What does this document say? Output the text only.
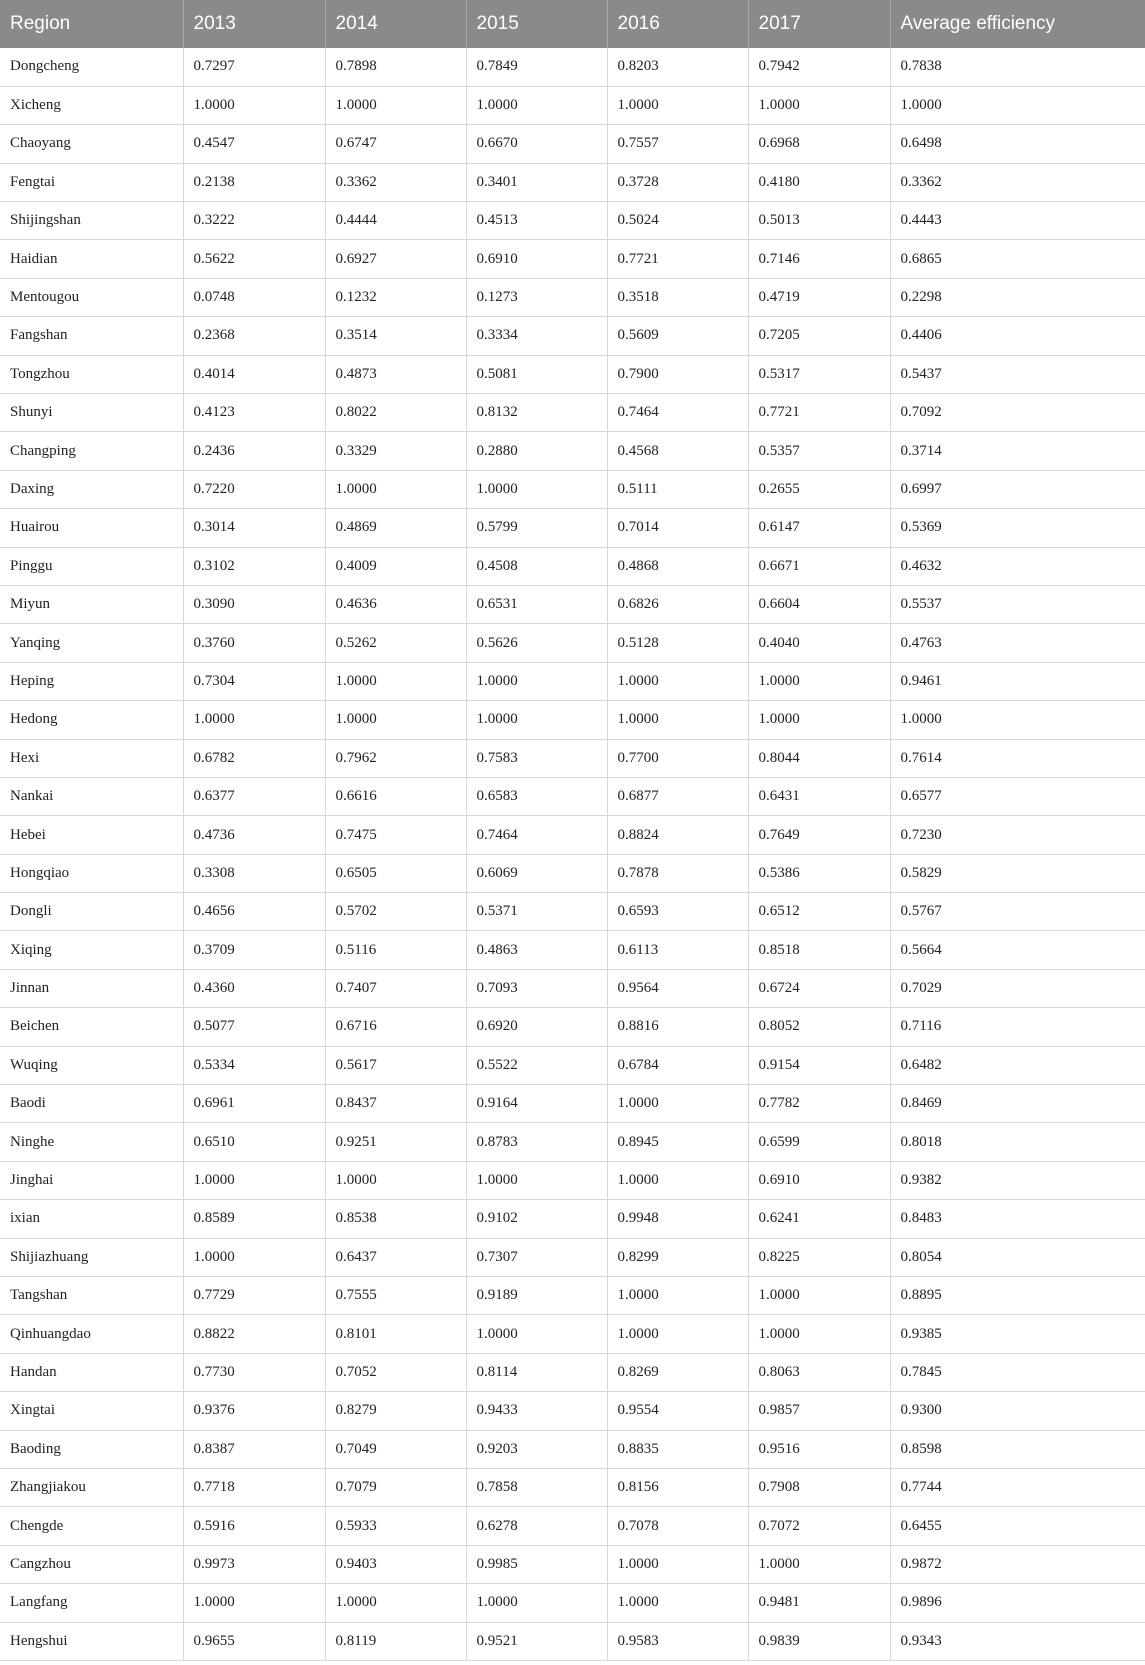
Region	2013	2014	2015	2016	2017	Average efficiency
Dongcheng	0.7297	0.7898	0.7849	0.8203	0.7942	0.7838
Xicheng	1.0000	1.0000	1.0000	1.0000	1.0000	1.0000
Chaoyang	0.4547	0.6747	0.6670	0.7557	0.6968	0.6498
Fengtai	0.2138	0.3362	0.3401	0.3728	0.4180	0.3362
Shijingshan	0.3222	0.4444	0.4513	0.5024	0.5013	0.4443
Haidian	0.5622	0.6927	0.6910	0.7721	0.7146	0.6865
Mentougou	0.0748	0.1232	0.1273	0.3518	0.4719	0.2298
Fangshan	0.2368	0.3514	0.3334	0.5609	0.7205	0.4406
Tongzhou	0.4014	0.4873	0.5081	0.7900	0.5317	0.5437
Shunyi	0.4123	0.8022	0.8132	0.7464	0.7721	0.7092
Changping	0.2436	0.3329	0.2880	0.4568	0.5357	0.3714
Daxing	0.7220	1.0000	1.0000	0.5111	0.2655	0.6997
Huairou	0.3014	0.4869	0.5799	0.7014	0.6147	0.5369
Pinggu	0.3102	0.4009	0.4508	0.4868	0.6671	0.4632
Miyun	0.3090	0.4636	0.6531	0.6826	0.6604	0.5537
Yanqing	0.3760	0.5262	0.5626	0.5128	0.4040	0.4763
Heping	0.7304	1.0000	1.0000	1.0000	1.0000	0.9461
Hedong	1.0000	1.0000	1.0000	1.0000	1.0000	1.0000
Hexi	0.6782	0.7962	0.7583	0.7700	0.8044	0.7614
Nankai	0.6377	0.6616	0.6583	0.6877	0.6431	0.6577
Hebei	0.4736	0.7475	0.7464	0.8824	0.7649	0.7230
Hongqiao	0.3308	0.6505	0.6069	0.7878	0.5386	0.5829
Dongli	0.4656	0.5702	0.5371	0.6593	0.6512	0.5767
Xiqing	0.3709	0.5116	0.4863	0.6113	0.8518	0.5664
Jinnan	0.4360	0.7407	0.7093	0.9564	0.6724	0.7029
Beichen	0.5077	0.6716	0.6920	0.8816	0.8052	0.7116
Wuqing	0.5334	0.5617	0.5522	0.6784	0.9154	0.6482
Baodi	0.6961	0.8437	0.9164	1.0000	0.7782	0.8469
Ninghe	0.6510	0.9251	0.8783	0.8945	0.6599	0.8018
Jinghai	1.0000	1.0000	1.0000	1.0000	0.6910	0.9382
ixian	0.8589	0.8538	0.9102	0.9948	0.6241	0.8483
Shijiazhuang	1.0000	0.6437	0.7307	0.8299	0.8225	0.8054
Tangshan	0.7729	0.7555	0.9189	1.0000	1.0000	0.8895
Qinhuangdao	0.8822	0.8101	1.0000	1.0000	1.0000	0.9385
Handan	0.7730	0.7052	0.8114	0.8269	0.8063	0.7845
Xingtai	0.9376	0.8279	0.9433	0.9554	0.9857	0.9300
Baoding	0.8387	0.7049	0.9203	0.8835	0.9516	0.8598
Zhangjiakou	0.7718	0.7079	0.7858	0.8156	0.7908	0.7744
Chengde	0.5916	0.5933	0.6278	0.7078	0.7072	0.6455
Cangzhou	0.9973	0.9403	0.9985	1.0000	1.0000	0.9872
Langfang	1.0000	1.0000	1.0000	1.0000	0.9481	0.9896
Hengshui	0.9655	0.8119	0.9521	0.9583	0.9839	0.9343
